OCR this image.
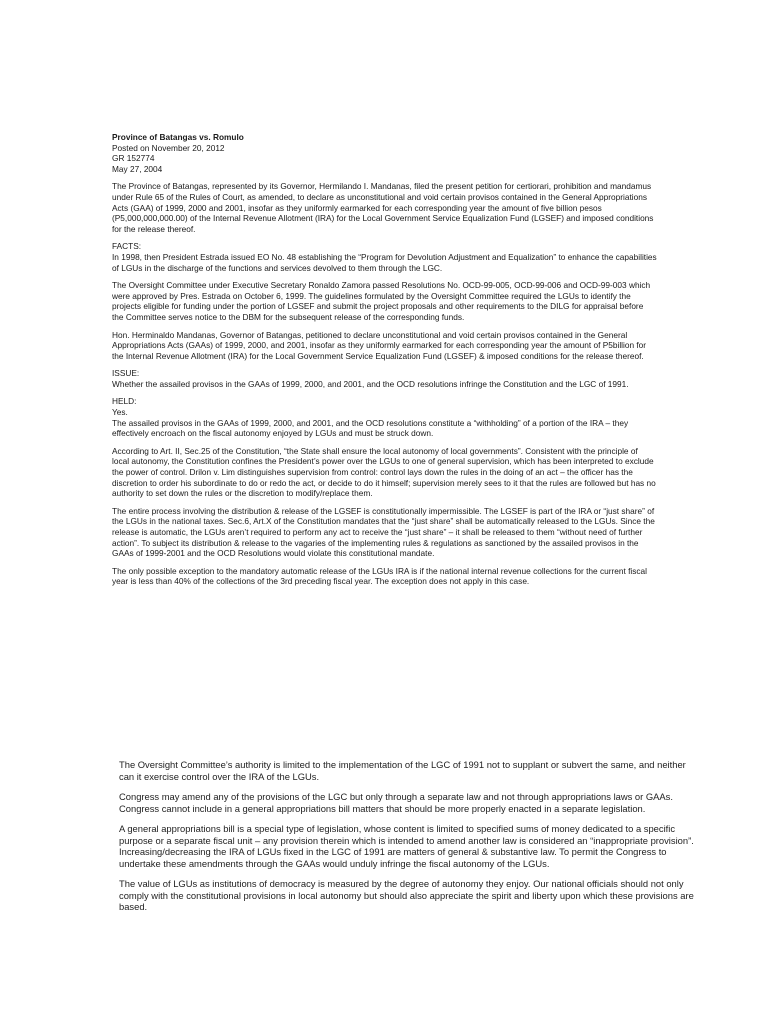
Province of Batangas vs. Romulo
Posted on November 20, 2012
GR 152774
May 27, 2004

The Province of Batangas, represented by its Governor, Hermilando I. Mandanas, filed the present petition for certiorari, prohibition and mandamus under Rule 65 of the Rules of Court, as amended, to declare as unconstitutional and void certain provisos contained in the General Appropriations Acts (GAA) of 1999, 2000 and 2001, insofar as they uniformly earmarked for each corresponding year the amount of five billion pesos (P5,000,000,000.00) of the Internal Revenue Allotment (IRA) for the Local Government Service Equalization Fund (LGSEF) and imposed conditions for the release thereof.

FACTS:
In 1998, then President Estrada issued EO No. 48 establishing the “Program for Devolution Adjustment and Equalization” to enhance the capabilities of LGUs in the discharge of the functions and services devolved to them through the LGC.

The Oversight Committee under Executive Secretary Ronaldo Zamora passed Resolutions No. OCD-99-005, OCD-99-006 and OCD-99-003 which were approved by Pres. Estrada on October 6, 1999. The guidelines formulated by the Oversight Committee required the LGUs to identify the projects eligible for funding under the portion of LGSEF and submit the project proposals and other requirements to the DILG for appraisal before the Committee serves notice to the DBM for the subsequent release of the corresponding funds.

Hon. Herminaldo Mandanas, Governor of Batangas, petitioned to declare unconstitutional and void certain provisos contained in the General Appropriations Acts (GAAs) of 1999, 2000, and 2001, insofar as they uniformly earmarked for each corresponding year the amount of P5billion for the Internal Revenue Allotment (IRA) for the Local Government Service Equalization Fund (LGSEF) & imposed conditions for the release thereof.

ISSUE:
Whether the assailed provisos in the GAAs of 1999, 2000, and 2001, and the OCD resolutions infringe the Constitution and the LGC of 1991.
HELD:
Yes.
The assailed provisos in the GAAs of 1999, 2000, and 2001, and the OCD resolutions constitute a “withholding” of a portion of the IRA – they effectively encroach on the fiscal autonomy enjoyed by LGUs and must be struck down.

According to Art. II, Sec.25 of the Constitution, “the State shall ensure the local autonomy of local governments”. Consistent with the principle of local autonomy, the Constitution confines the President’s power over the LGUs to one of general supervision, which has been interpreted to exclude the power of control. Drilon v. Lim distinguishes supervision from control: control lays down the rules in the doing of an act – the officer has the discretion to order his subordinate to do or redo the act, or decide to do it himself; supervision merely sees to it that the rules are followed but has no authority to set down the rules or the discretion to modify/replace them.

The entire process involving the distribution & release of the LGSEF is constitutionally impermissible. The LGSEF is part of the IRA or “just share” of the LGUs in the national taxes. Sec.6, Art.X of the Constitution mandates that the “just share” shall be automatically released to the LGUs. Since the release is automatic, the LGUs aren’t required to perform any act to receive the “just share” – it shall be released to them “without need of further action”. To subject its distribution & release to the vagaries of the implementing rules & regulations as sanctioned by the assailed provisos in the GAAs of 1999-2001 and the OCD Resolutions would violate this constitutional mandate.

The only possible exception to the mandatory automatic release of the LGUs IRA is if the national internal revenue collections for the current fiscal year is less than 40% of the collections of the 3rd preceding fiscal year. The exception does not apply in this case.

The Oversight Committee’s authority is limited to the implementation of the LGC of 1991 not to supplant or subvert the same, and neither can it exercise control over the IRA of the LGUs.

Congress may amend any of the provisions of the LGC but only through a separate law and not through appropriations laws or GAAs. Congress cannot include in a general appropriations bill matters that should be more properly enacted in a separate legislation.

A general appropriations bill is a special type of legislation, whose content is limited to specified sums of money dedicated to a specific purpose or a separate fiscal unit – any provision therein which is intended to amend another law is considered an “inappropriate provision”. Increasing/decreasing the IRA of LGUs fixed in the LGC of 1991 are matters of general & substantive law. To permit the Congress to undertake these amendments through the GAAs would unduly infringe the fiscal autonomy of the LGUs.

The value of LGUs as institutions of democracy is measured by the degree of autonomy they enjoy. Our national officials should not only comply with the constitutional provisions in local autonomy but should also appreciate the spirit and liberty upon which these provisions are based.
